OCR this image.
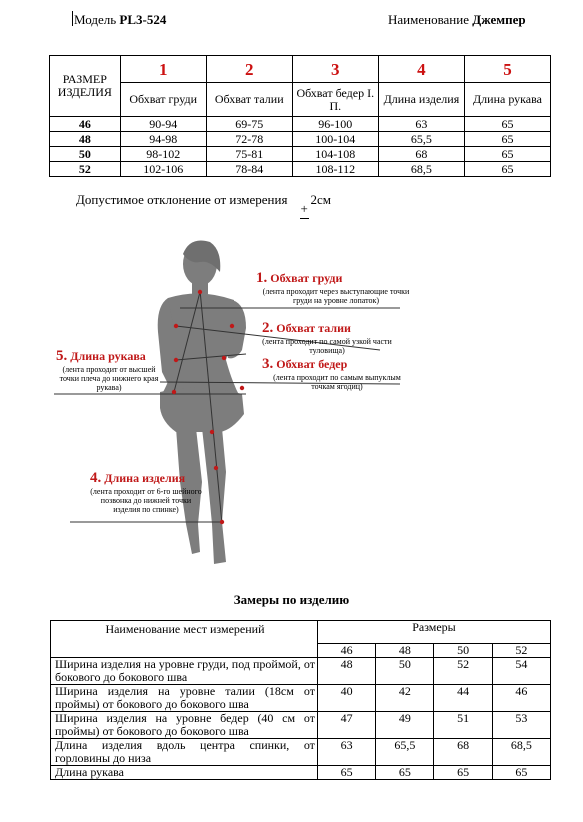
Модель PL3-524	Наименование Джемпер
РАЗМЕР ИЗДЕЛИЯ	1	2	3	4	5
	Обхват груди	Обхват талии	Обхват бедер I. П.	Длина изделия	Длина рукава
46	90-94	69-75	96-100	63	65
48	94-98	72-78	100-104	65,5	65
50	98-102	75-81	104-108	68	65
52	102-106	78-84	108-112	68,5	65
Допустимое отклонение от измерения 2см
1. Обхват груди
(лента проходит через выступающие точки груди на уровне лопаток)
2. Обхват талии
(лента проходит по самой узкой части туловища)
3. Обхват бедер
(лента проходит по самым выпуклым точкам ягодиц)
5. Длина рукава
(лента проходит от высшей точки плеча до нижнего края рукава)
4. Длина изделия
(лента проходит от 6-го шейного позвонка до нижней точки изделия по спинке)
Замеры по изделию
Наименование мест измерений	Размеры			
	46	48	50	52
Ширина изделия на уровне груди, под проймой, от бокового до бокового шва	48	50	52	54
Ширина изделия на уровне талии (18см от проймы) от бокового до бокового шва	40	42	44	46
Ширина изделия на уровне бедер (40 см от проймы) от бокового до бокового шва	47	49	51	53
Длина изделия вдоль центра спинки, от горловины до низа	63	65,5	68	68,5
Длина рукава	65	65	65	65
